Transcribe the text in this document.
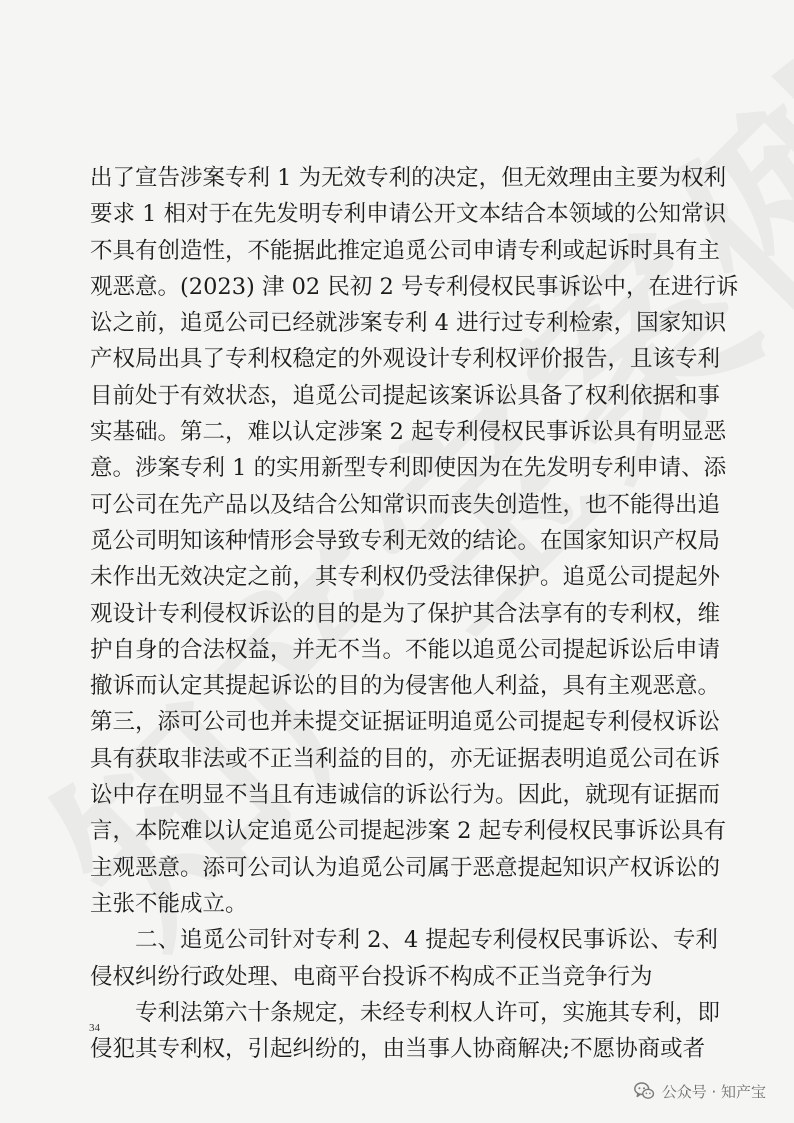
出了宣告涉案专利 1 为无效专利的决定，但无效理由主要为权利
要求 1 相对于在先发明专利申请公开文本结合本领域的公知常识
不具有创造性，不能据此推定追觅公司申请专利或起诉时具有主
观恶意。(2023) 津 02 民初 2 号专利侵权民事诉讼中，在进行诉
讼之前，追觅公司已经就涉案专利 4 进行过专利检索，国家知识
产权局出具了专利权稳定的外观设计专利权评价报告，且该专利
目前处于有效状态，追觅公司提起该案诉讼具备了权利依据和事
实基础。第二，难以认定涉案 2 起专利侵权民事诉讼具有明显恶
意。涉案专利 1 的实用新型专利即使因为在先发明专利申请、添
可公司在先产品以及结合公知常识而丧失创造性，也不能得出追
觅公司明知该种情形会导致专利无效的结论。在国家知识产权局
未作出无效决定之前，其专利权仍受法律保护。追觅公司提起外
观设计专利侵权诉讼的目的是为了保护其合法享有的专利权，维
护自身的合法权益，并无不当。不能以追觅公司提起诉讼后申请
撤诉而认定其提起诉讼的目的为侵害他人利益，具有主观恶意。
第三，添可公司也并未提交证据证明追觅公司提起专利侵权诉讼
具有获取非法或不正当利益的目的，亦无证据表明追觅公司在诉
讼中存在明显不当且有违诚信的诉讼行为。因此，就现有证据而
言，本院难以认定追觅公司提起涉案 2 起专利侵权民事诉讼具有
主观恶意。添可公司认为追觅公司属于恶意提起知识产权诉讼的
主张不能成立。
二、追觅公司针对专利 2、4 提起专利侵权民事诉讼、专利
侵权纠纷行政处理、电商平台投诉不构成不正当竞争行为
专利法第六十条规定，未经专利权人许可，实施其专利，即
侵犯其专利权，引起纠纷的，由当事人协商解决;不愿协商或者
34
公众号 · 知产宝
